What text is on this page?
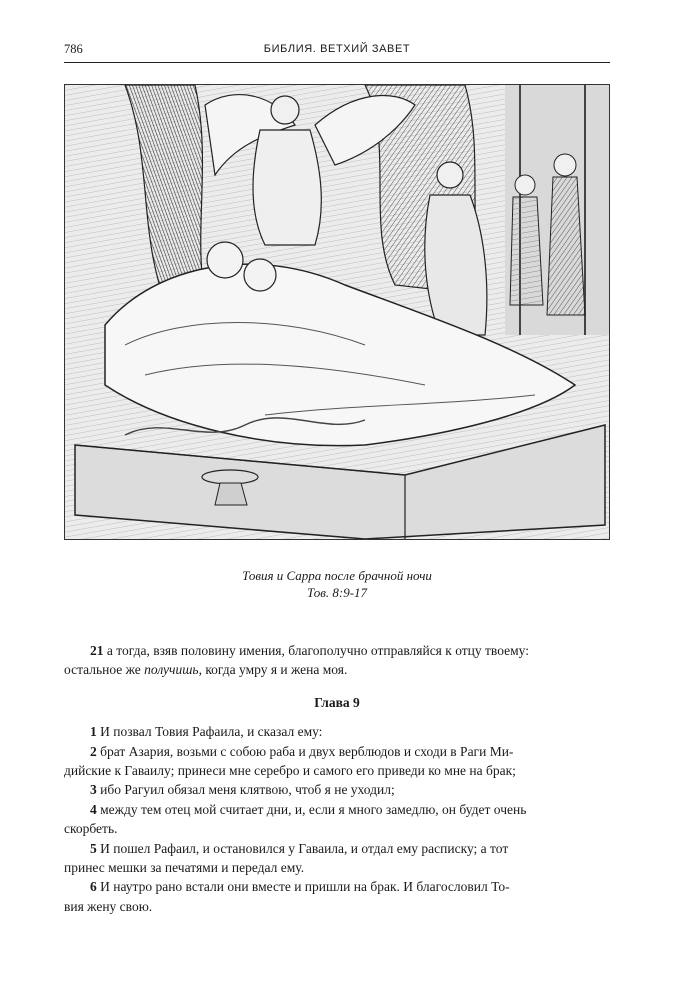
786	БИБЛИЯ. ВЕТХИЙ ЗАВЕТ
Товия и Сарра после брачной ночи
Тов. 8:9-17

21 а тогда, взяв половину имения, благополучно отправляйся к отцу твоему:

остальное же получишь, когда умру я и жена моя.

Глава 9

1 И позвал Товия Рафаила, и сказал ему:

2 брат Азария, возьми с собою раба и двух верблюдов и сходи в Раги Ми-

дийские к Гаваилу; принеси мне серебро и самого его приведи ко мне на брак;

3 ибо Рагуил обязал меня клятвою, чтоб я не уходил;

4 между тем отец мой считает дни, и, если я много замедлю, он будет очень

скорбеть.

5 И пошел Рафаил, и остановился у Гаваила, и отдал ему расписку; а тот

принес мешки за печатями и передал ему.

6 И наутро рано встали они вместе и пришли на брак. И благословил То-

вия жену свою.
